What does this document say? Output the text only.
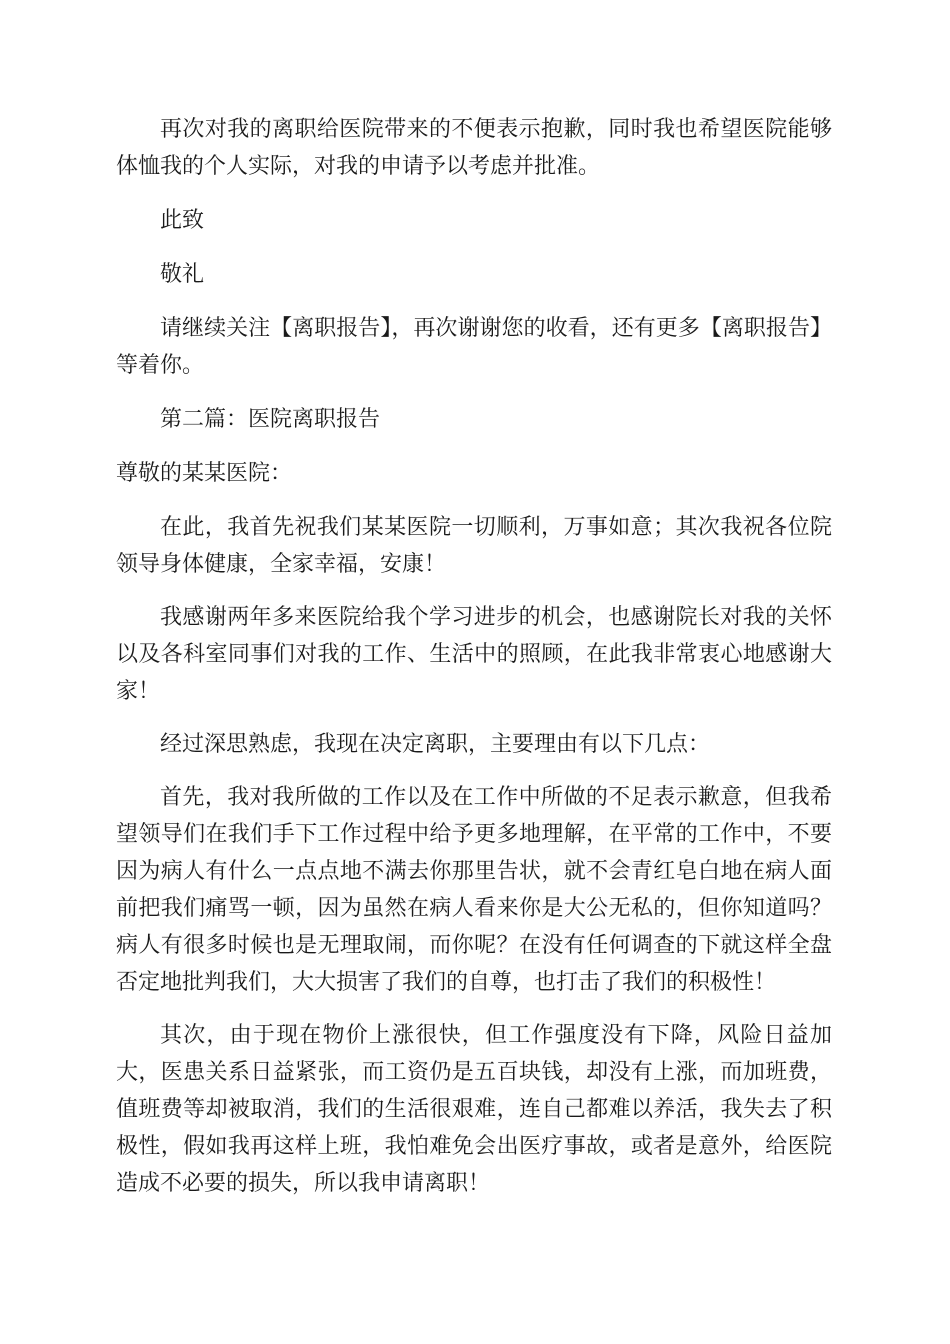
再次对我的离职给医院带来的不便表示抱歉，同时我也希望医院能够体恤我的个人实际，对我的申请予以考虑并批准。

此致

敬礼

请继续关注【离职报告】，再次谢谢您的收看，还有更多【离职报告】等着你。

第二篇：医院离职报告

尊敬的某某医院：

在此，我首先祝我们某某医院一切顺利，万事如意；其次我祝各位院领导身体健康，全家幸福，安康！

我感谢两年多来医院给我个学习进步的机会，也感谢院长对我的关怀以及各科室同事们对我的工作、生活中的照顾，在此我非常衷心地感谢大家！

经过深思熟虑，我现在决定离职，主要理由有以下几点：

首先，我对我所做的工作以及在工作中所做的不足表示歉意，但我希望领导们在我们手下工作过程中给予更多地理解，在平常的工作中，不要因为病人有什么一点点地不满去你那里告状，就不会青红皂白地在病人面前把我们痛骂一顿，因为虽然在病人看来你是大公无私的，但你知道吗？病人有很多时候也是无理取闹，而你呢？在没有任何调查的下就这样全盘否定地批判我们，大大损害了我们的自尊，也打击了我们的积极性！

其次，由于现在物价上涨很快，但工作强度没有下降，风险日益加大，医患关系日益紧张，而工资仍是五百块钱，却没有上涨，而加班费，值班费等却被取消，我们的生活很艰难，连自己都难以养活，我失去了积极性，假如我再这样上班，我怕难免会出医疗事故，或者是意外，给医院造成不必要的损失，所以我申请离职！
